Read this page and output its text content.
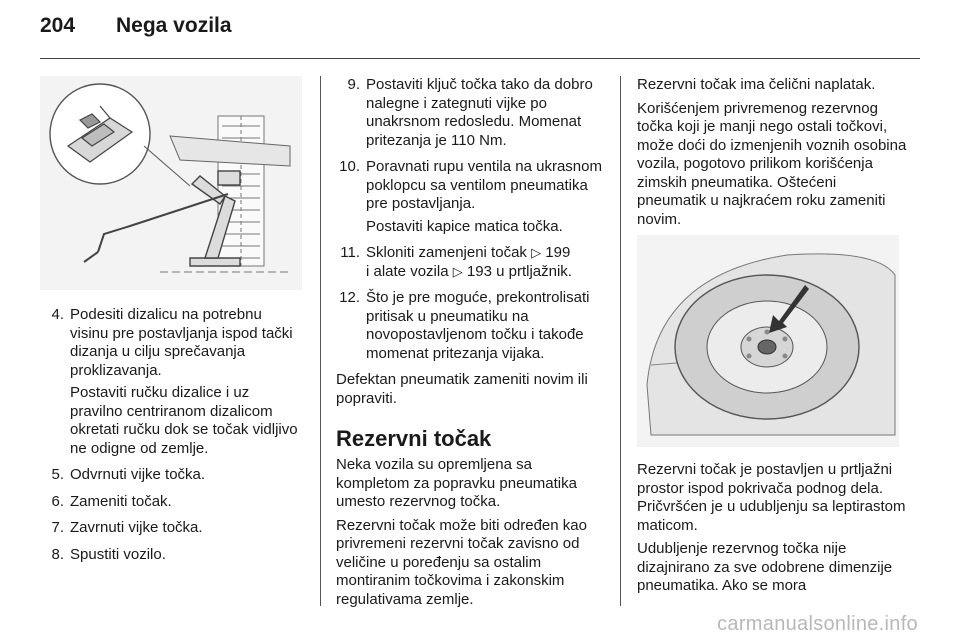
204	Nega vozila
4. Podesiti dizalicu na potrebnu visinu pre postavljanja ispod tački dizanja u cilju sprečavanja proklizavanja.

Postaviti ručku dizalice i uz pravilno centriranom dizalicom okretati ručku dok se točak vidljivo ne odigne od zemlje.

5. Odvrnuti vijke točka.

6. Zameniti točak.

7. Zavrnuti vijke točka.

8. Spustiti vozilo.

9. Postaviti ključ točka tako da dobro nalegne i zategnuti vijke po unakrsnom redosledu. Momenat pritezanja je 110 Nm.

10. Poravnati rupu ventila na ukrasnom poklopcu sa ventilom pneumatika pre postavljanja.

Postaviti kapice matica točka.

11. Skloniti zamenjeni točak ▷ 199
i alate vozila ▷ 193 u prtljažnik.

12. Što je pre moguće, prekontrolisati pritisak u pneumatiku na novopostavljenom točku i takođe momenat pritezanja vijaka.

Defektan pneumatik zameniti novim ili popraviti.

Rezervni točak

Neka vozila su opremljena sa kompletom za popravku pneumatika umesto rezervnog točka.

Rezervni točak može biti određen kao privremeni rezervni točak zavisno od veličine u poređenju sa ostalim montiranim točkovima i zakonskim regulativama zemlje.

Rezervni točak ima čelični naplatak.

Korišćenjem privremenog rezervnog točka koji je manji nego ostali točkovi, može doći do izmenjenih voznih osobina vozila, pogotovo prilikom korišćenja zimskih pneumatika. Oštećeni pneumatik u najkraćem roku zameniti novim.

Rezervni točak je postavljen u prtljažni prostor ispod pokrivača podnog dela. Pričvršćen je u udubljenju sa leptirastom maticom.

Udubljenje rezervnog točka nije dizajnirano za sve odobrene dimenzije pneumatika. Ako se mora

carmanualsonline.info
